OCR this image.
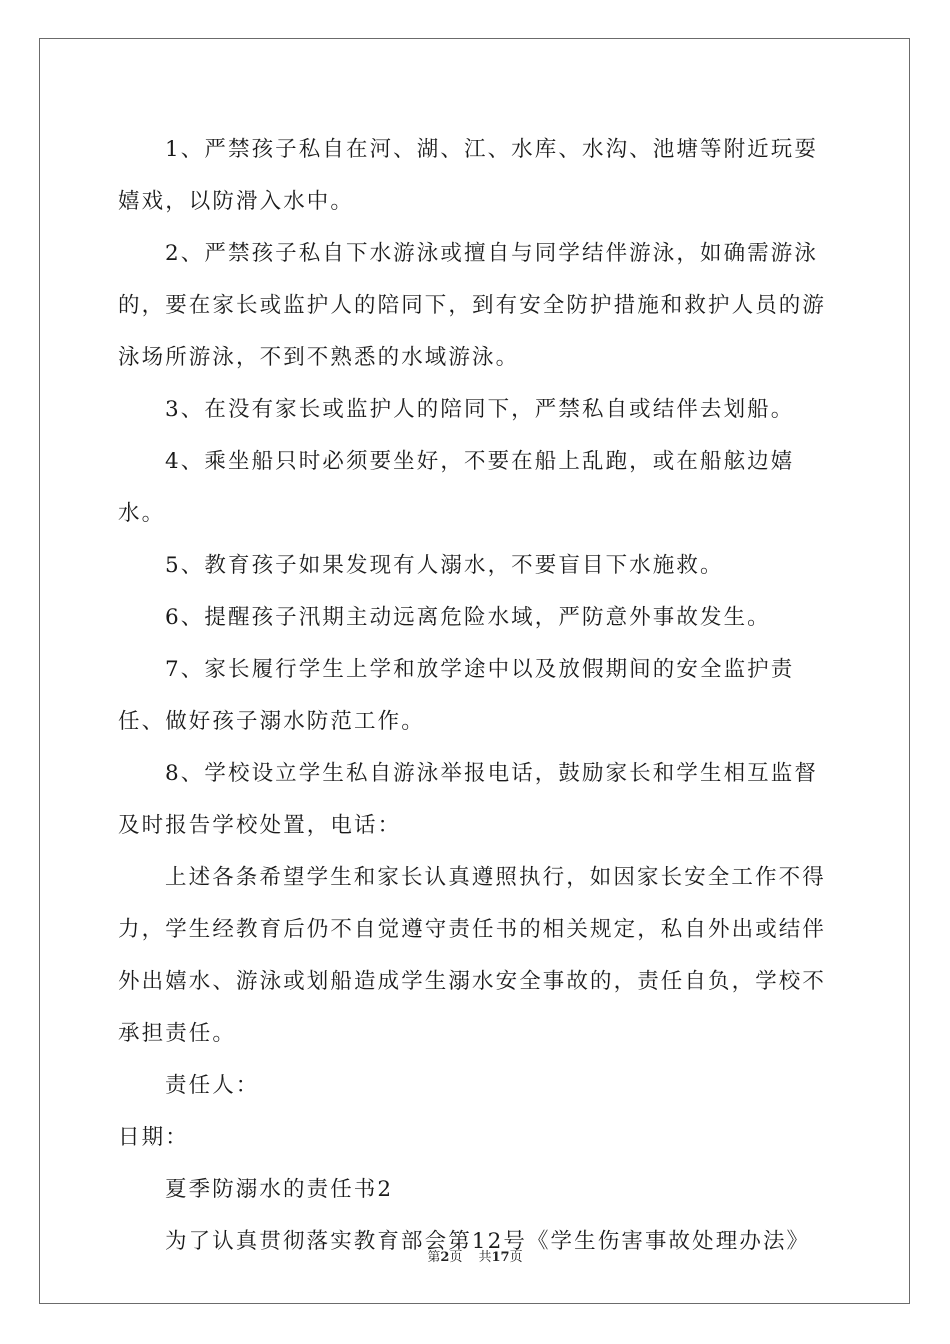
1、严禁孩子私自在河、湖、江、水库、水沟、池塘等附近玩耍嬉戏，以防滑入水中。

2、严禁孩子私自下水游泳或擅自与同学结伴游泳，如确需游泳的，要在家长或监护人的陪同下，到有安全防护措施和救护人员的游泳场所游泳，不到不熟悉的水域游泳。

3、在没有家长或监护人的陪同下，严禁私自或结伴去划船。

4、乘坐船只时必须要坐好，不要在船上乱跑，或在船舷边嬉水。

5、教育孩子如果发现有人溺水，不要盲目下水施救。

6、提醒孩子汛期主动远离危险水域，严防意外事故发生。

7、家长履行学生上学和放学途中以及放假期间的安全监护责任、做好孩子溺水防范工作。

8、学校设立学生私自游泳举报电话，鼓励家长和学生相互监督及时报告学校处置，电话：

上述各条希望学生和家长认真遵照执行，如因家长安全工作不得力，学生经教育后仍不自觉遵守责任书的相关规定，私自外出或结伴外出嬉水、游泳或划船造成学生溺水安全事故的，责任自负，学校不承担责任。

责任人：

日期：

夏季防溺水的责任书2

为了认真贯彻落实教育部会第12号《学生伤害事故处理办法》

第2页 共17页
